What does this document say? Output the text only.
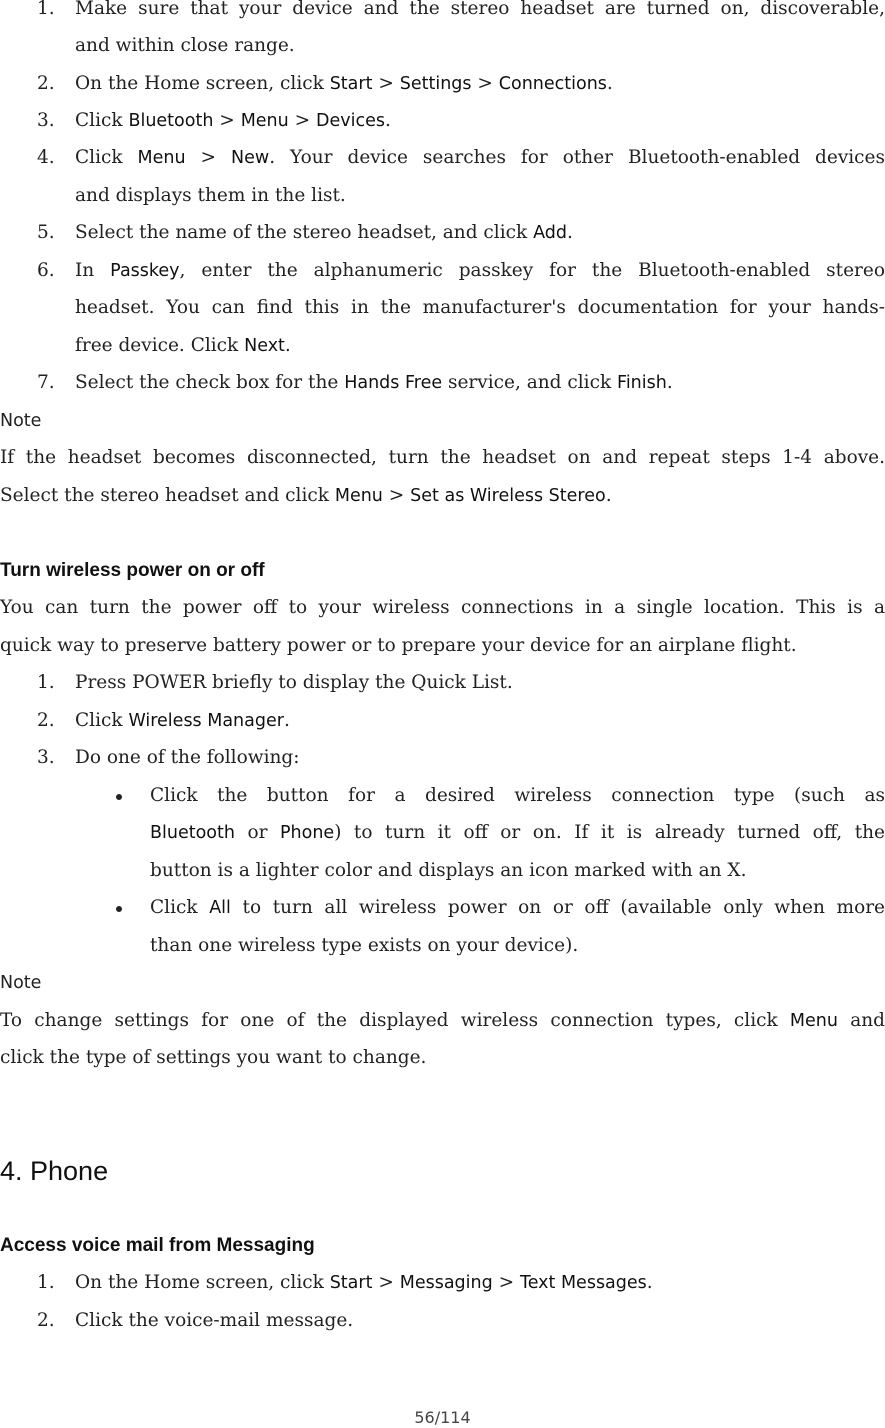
1. Make sure that your device and the stereo headset are turned on, discoverable,
and within close range.
2. On the Home screen, click Start > Settings > Connections.
3. Click Bluetooth > Menu > Devices.
4. Click Menu > New. Your device searches for other Bluetooth-enabled devices
and displays them in the list.
5. Select the name of the stereo headset, and click Add.
6. In Passkey, enter the alphanumeric passkey for the Bluetooth-enabled stereo
headset. You can find this in the manufacturer's documentation for your hands-
free device. Click Next.
7. Select the check box for the Hands Free service, and click Finish.
Note
If the headset becomes disconnected, turn the headset on and repeat steps 1-4 above.
Select the stereo headset and click Menu > Set as Wireless Stereo.
Turn wireless power on or off
You can turn the power off to your wireless connections in a single location. This is a
quick way to preserve battery power or to prepare your device for an airplane flight.
1. Press POWER briefly to display the Quick List.
2. Click Wireless Manager.
3. Do one of the following:
Click the button for a desired wireless connection type (such as
Bluetooth or Phone) to turn it off or on. If it is already turned off, the
button is a lighter color and displays an icon marked with an X.
Click All to turn all wireless power on or off (available only when more
than one wireless type exists on your device).
Note
To change settings for one of the displayed wireless connection types, click Menu and
click the type of settings you want to change.
4. Phone
Access voice mail from Messaging
1. On the Home screen, click Start > Messaging > Text Messages.
2. Click the voice-mail message.
56/114
